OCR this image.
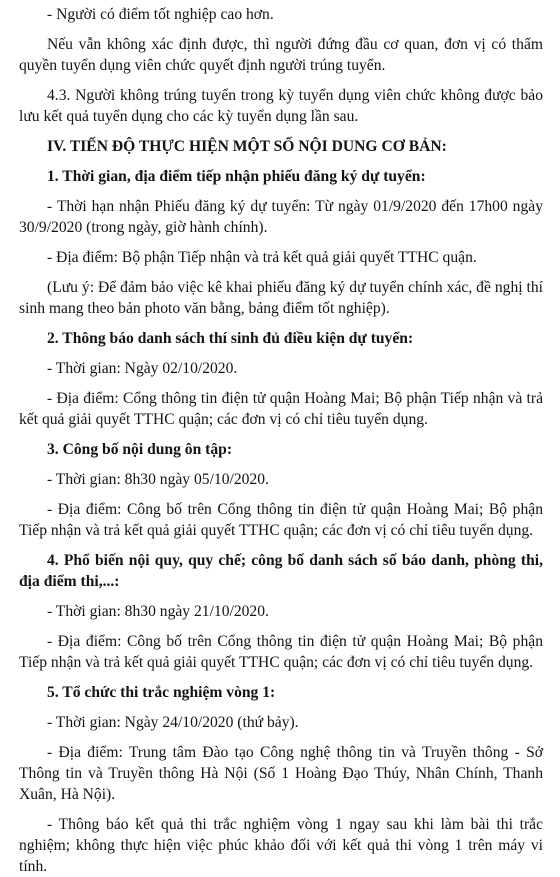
- Người có điểm tốt nghiệp cao hơn.

Nếu vẫn không xác định được, thì người đứng đầu cơ quan, đơn vị có thẩm quyền tuyển dụng viên chức quyết định người trúng tuyển.

4.3. Người không trúng tuyển trong kỳ tuyển dụng viên chức không được bảo lưu kết quả tuyển dụng cho các kỳ tuyển dụng lần sau.

IV. TIẾN ĐỘ THỰC HIỆN MỘT SỐ NỘI DUNG CƠ BẢN:

1. Thời gian, địa điểm tiếp nhận phiếu đăng ký dự tuyển:

- Thời hạn nhận Phiếu đăng ký dự tuyển: Từ ngày 01/9/2020 đến 17h00 ngày 30/9/2020 (trong ngày, giờ hành chính).

- Địa điểm: Bộ phận Tiếp nhận và trả kết quả giải quyết TTHC quận.

(Lưu ý: Để đảm bảo việc kê khai phiếu đăng ký dự tuyển chính xác, đề nghị thí sinh mang theo bản photo văn bằng, bảng điểm tốt nghiệp).

2. Thông báo danh sách thí sinh đủ điều kiện dự tuyển:

- Thời gian: Ngày 02/10/2020.

- Địa điểm: Cổng thông tin điện tử quận Hoàng Mai; Bộ phận Tiếp nhận và trả kết quả giải quyết TTHC quận; các đơn vị có chỉ tiêu tuyển dụng.

3. Công bố nội dung ôn tập:

- Thời gian: 8h30 ngày 05/10/2020.

- Địa điểm: Công bố trên Cổng thông tin điện tử quận Hoàng Mai; Bộ phận Tiếp nhận và trả kết quả giải quyết TTHC quận; các đơn vị có chỉ tiêu tuyển dụng.

4. Phổ biến nội quy, quy chế; công bố danh sách số báo danh, phòng thi, địa điểm thi,...:

- Thời gian: 8h30 ngày 21/10/2020.

- Địa điểm: Công bố trên Cổng thông tin điện tử quận Hoàng Mai; Bộ phận Tiếp nhận và trả kết quả giải quyết TTHC quận; các đơn vị có chỉ tiêu tuyển dụng.

5. Tổ chức thi trắc nghiệm vòng 1:

- Thời gian: Ngày 24/10/2020 (thứ bảy).

- Địa điểm: Trung tâm Đào tạo Công nghệ thông tin và Truyền thông - Sở Thông tin và Truyền thông Hà Nội (Số 1 Hoàng Đạo Thúy, Nhân Chính, Thanh Xuân, Hà Nội).

- Thông báo kết quả thi trắc nghiệm vòng 1 ngay sau khi làm bài thi trắc nghiệm; không thực hiện việc phúc khảo đối với kết quả thi vòng 1 trên máy vi tính.
